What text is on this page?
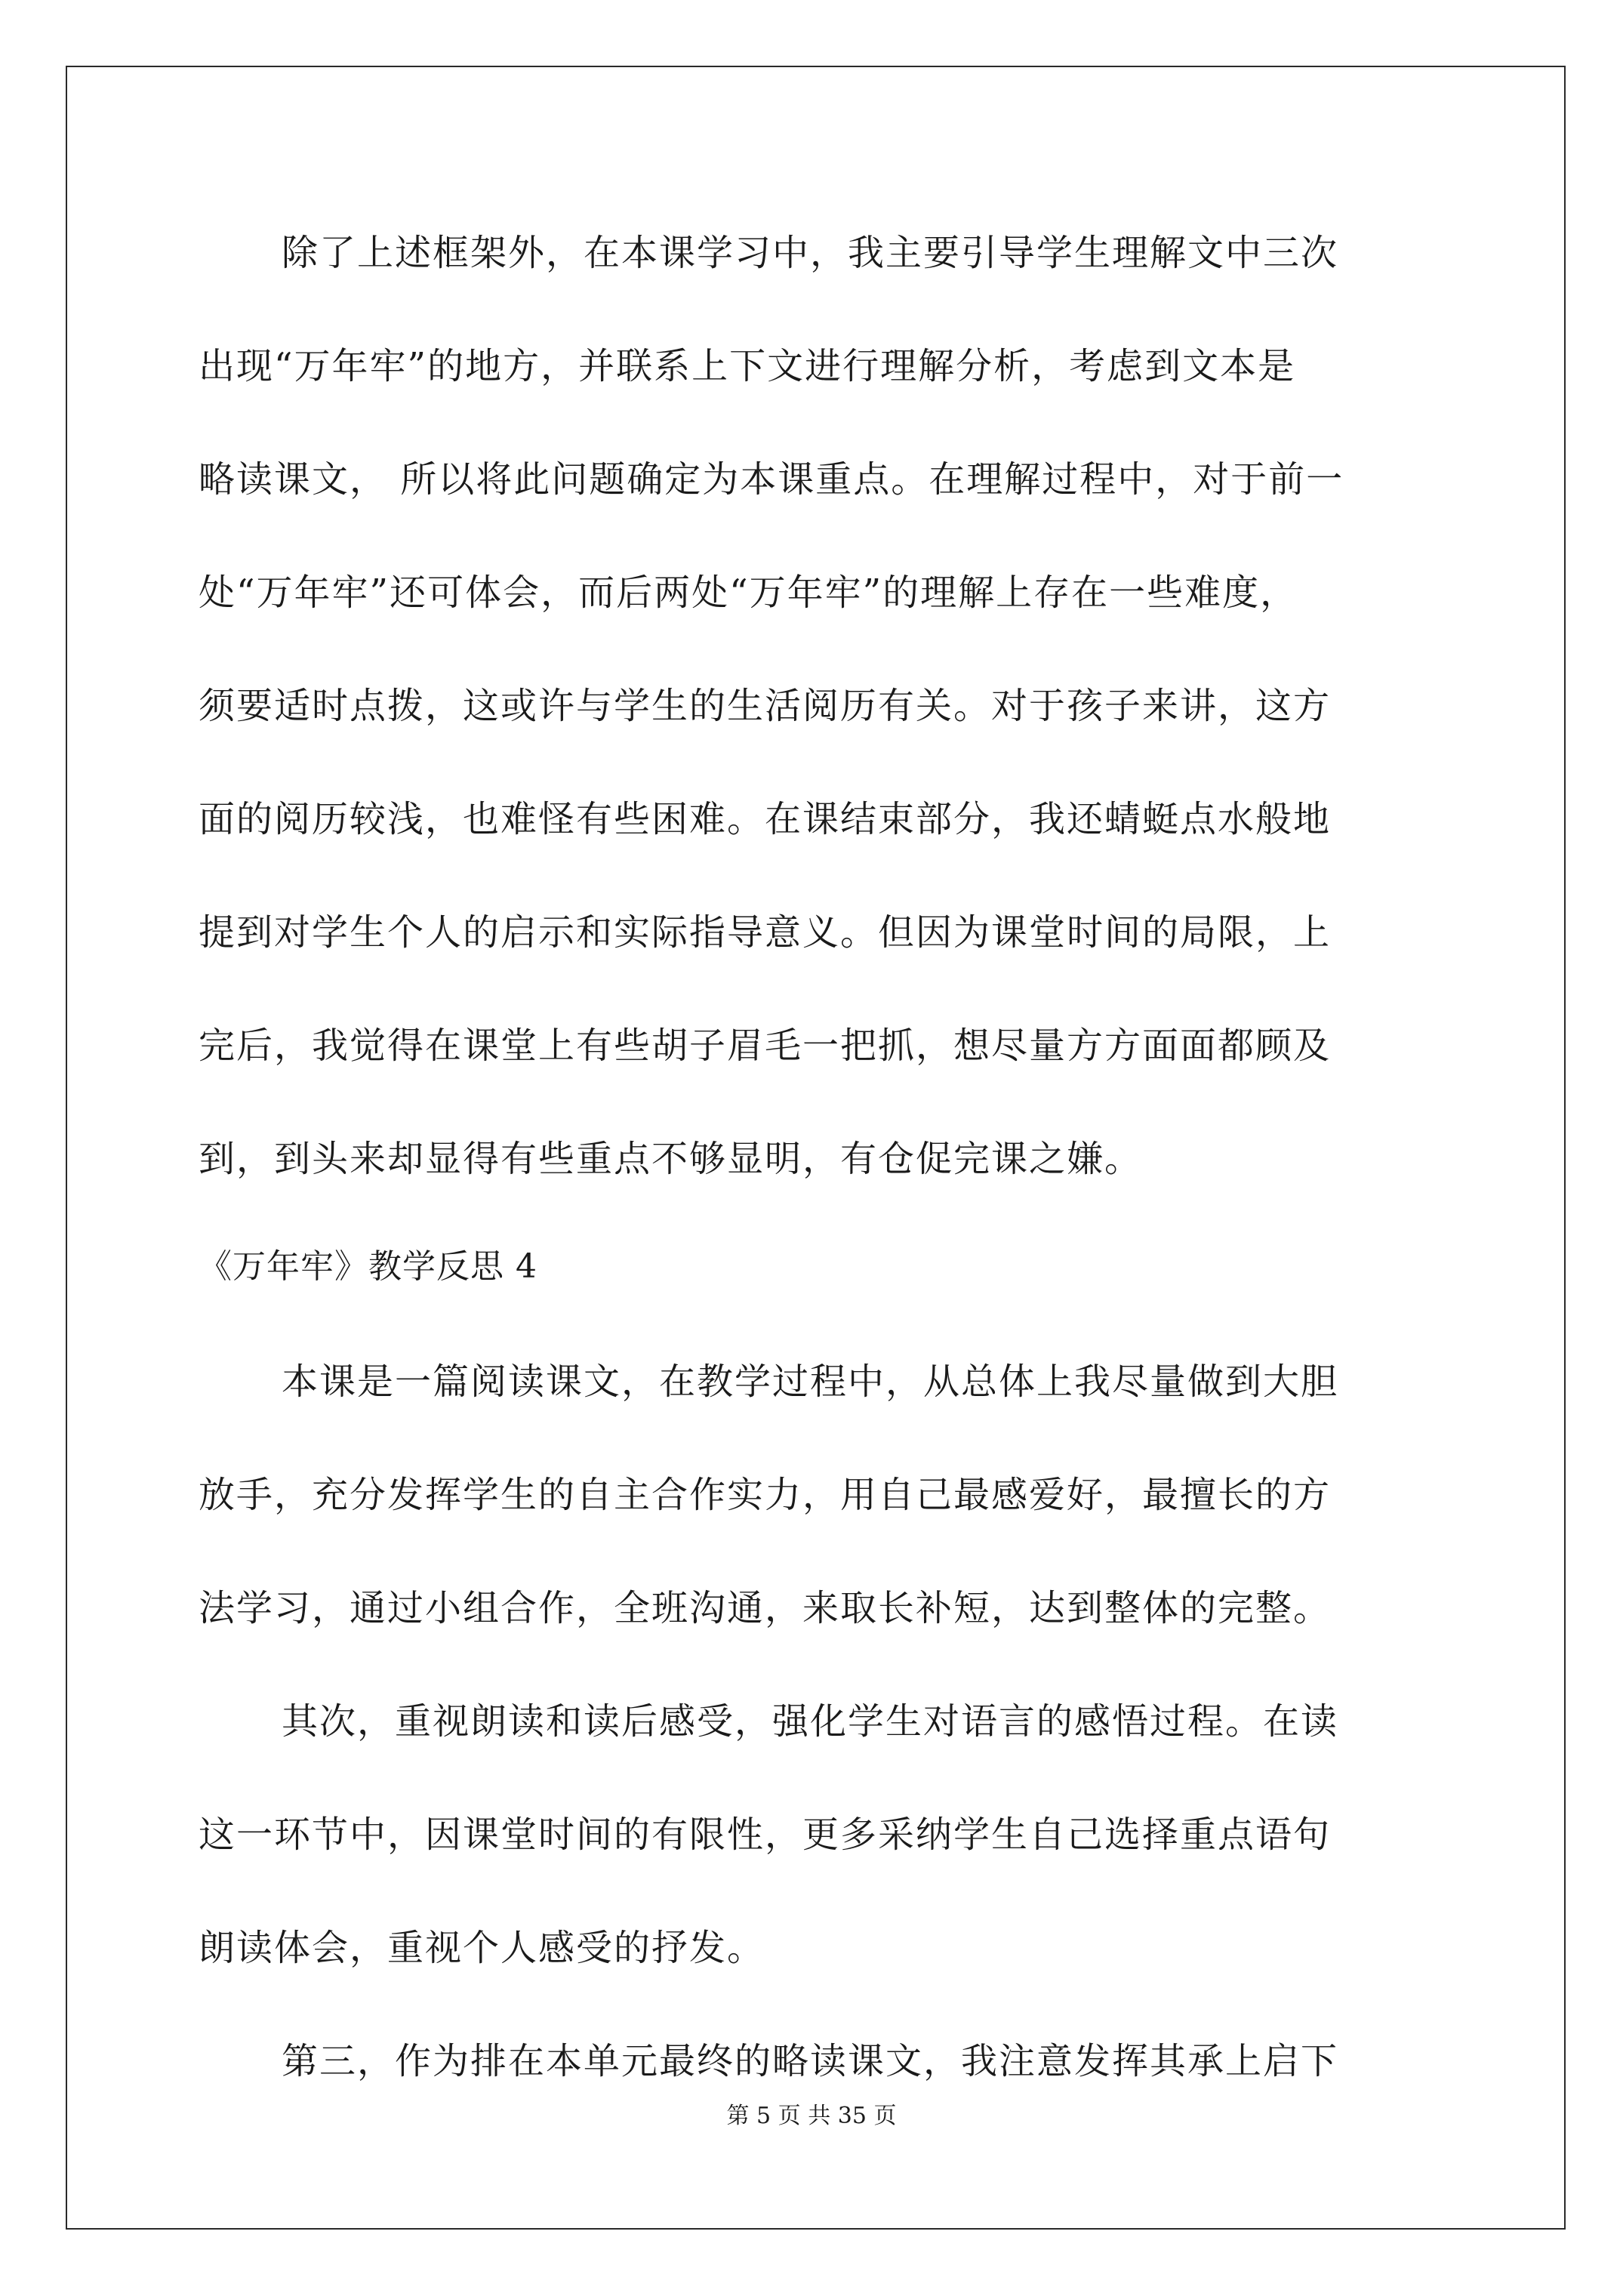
除了上述框架外，在本课学习中，我主要引导学生理解文中三次
出现“万年牢”的地方，并联系上下文进行理解分析，考虑到文本是
略读课文， 所以将此问题确定为本课重点。在理解过程中，对于前一
处“万年牢”还可体会，而后两处“万年牢”的理解上存在一些难度，
须要适时点拨，这或许与学生的生活阅历有关。对于孩子来讲，这方
面的阅历较浅，也难怪有些困难。在课结束部分，我还蜻蜓点水般地
提到对学生个人的启示和实际指导意义。但因为课堂时间的局限，上
完后，我觉得在课堂上有些胡子眉毛一把抓，想尽量方方面面都顾及
到，到头来却显得有些重点不够显明，有仓促完课之嫌。
《万年牢》教学反思 4
本课是一篇阅读课文，在教学过程中，从总体上我尽量做到大胆
放手，充分发挥学生的自主合作实力，用自己最感爱好，最擅长的方
法学习，通过小组合作，全班沟通，来取长补短，达到整体的完整。
其次，重视朗读和读后感受，强化学生对语言的感悟过程。在读
这一环节中，因课堂时间的有限性，更多采纳学生自己选择重点语句
朗读体会，重视个人感受的抒发。
第三，作为排在本单元最终的略读课文，我注意发挥其承上启下
第 5 页 共 35 页
